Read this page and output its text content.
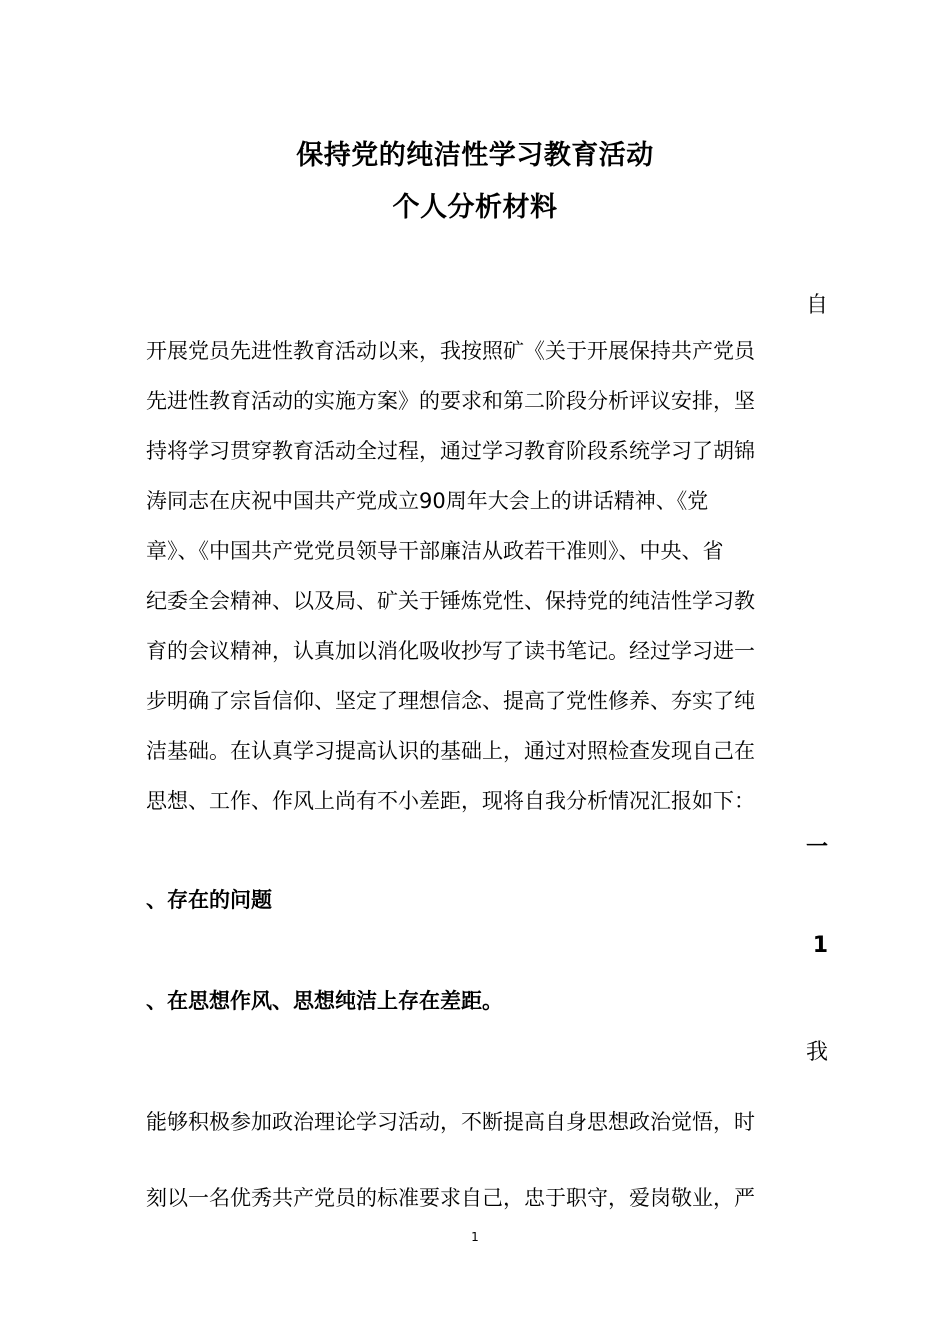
保持党的纯洁性学习教育活动
个人分析材料
自
开展党员先进性教育活动以来，我按照矿《关于开展保持共产党员
先进性教育活动的实施方案》的要求和第二阶段分析评议安排，坚
持将学习贯穿教育活动全过程，通过学习教育阶段系统学习了胡锦
涛同志在庆祝中国共产党成立90周年大会上的讲话精神、《党
章》、《中国共产党党员领导干部廉洁从政若干准则》、中央、省
纪委全会精神、以及局、矿关于锤炼党性、保持党的纯洁性学习教
育的会议精神，认真加以消化吸收抄写了读书笔记。经过学习进一
步明确了宗旨信仰、坚定了理想信念、提高了党性修养、夯实了纯
洁基础。在认真学习提高认识的基础上，通过对照检查发现自己在
思想、工作、作风上尚有不小差距，现将自我分析情况汇报如下：
一
、存在的问题
1
、在思想作风、思想纯洁上存在差距。
我
能够积极参加政治理论学习活动，不断提高自身思想政治觉悟，时
刻以一名优秀共产党员的标准要求自己，忠于职守，爱岗敬业，严
1
